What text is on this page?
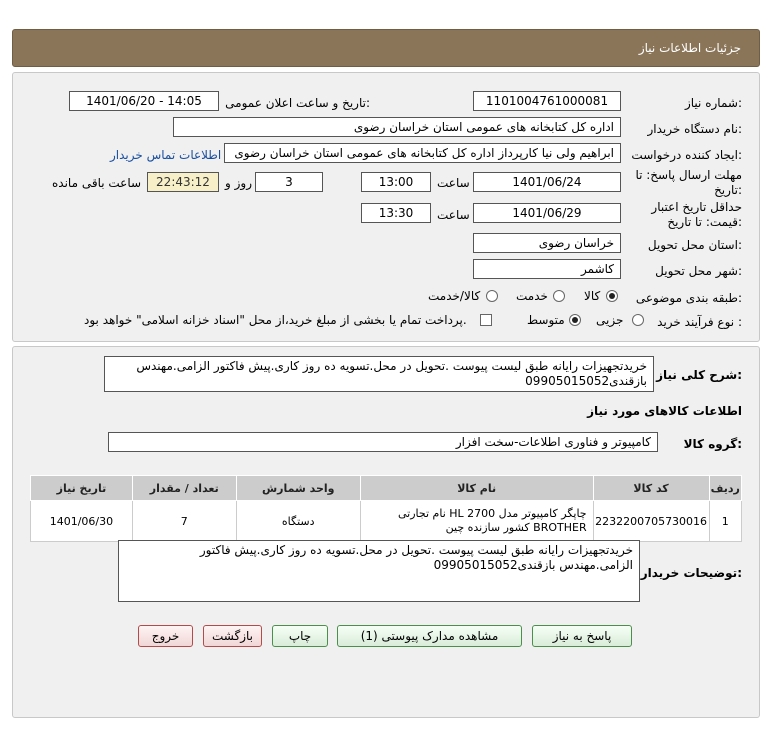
جزئیات اطلاعات نیاز
شماره نیاز:
1101004761000081
تاریخ و ساعت اعلان عمومی:
1401/06/20 - 14:05
نام دستگاه خریدار:
اداره کل کتابخانه های عمومی استان خراسان رضوی
ایجاد کننده درخواست:
ابراهیم ولی نیا کارپرداز اداره کل کتابخانه های عمومی استان خراسان رضوی
اطلاعات تماس خریدار
مهلت ارسال پاسخ: تا
تاریخ:
1401/06/24
ساعت
13:00
3
روز و
22:43:12
ساعت باقی مانده
حداقل تاریخ اعتبار
قیمت: تا تاریخ:
1401/06/29
ساعت
13:30
استان محل تحویل:
خراسان رضوی
شهر محل تحویل:
کاشمر
طبقه بندی موضوعی:
کالا
خدمت
کالا/خدمت
نوع فرآیند خرید :
جزیی
متوسط
پرداخت تمام یا بخشی از مبلغ خرید،از محل "اسناد خزانه اسلامی" خواهد بود.
شرح کلی نیاز:
خریدتجهیزات رایانه طبق لیست پیوست .تحویل در محل.تسویه ده روز کاری.پیش فاکتور الزامی.مهندس بازقندی09905015052
اطلاعات کالاهای مورد نیاز
گروه کالا:
کامپیوتر و فناوری اطلاعات-سخت افزار
ردیف	کد کالا	نام کالا	واحد شمارش	تعداد / مقدار	تاریخ نیاز
1	2232200705730016	چاپگر کامپیوتر مدل HL 2700 نام تجارتی BROTHER کشور سازنده چین	دستگاه	7	1401/06/30
توضیحات خریدار:
خریدتجهیزات رایانه طبق لیست پیوست .تحویل در محل.تسویه ده روز کاری.پیش فاکتور الزامی.مهندس بازقندی09905015052
پاسخ به نیاز
مشاهده مدارک پیوستی (1)
چاپ
بازگشت
خروج
